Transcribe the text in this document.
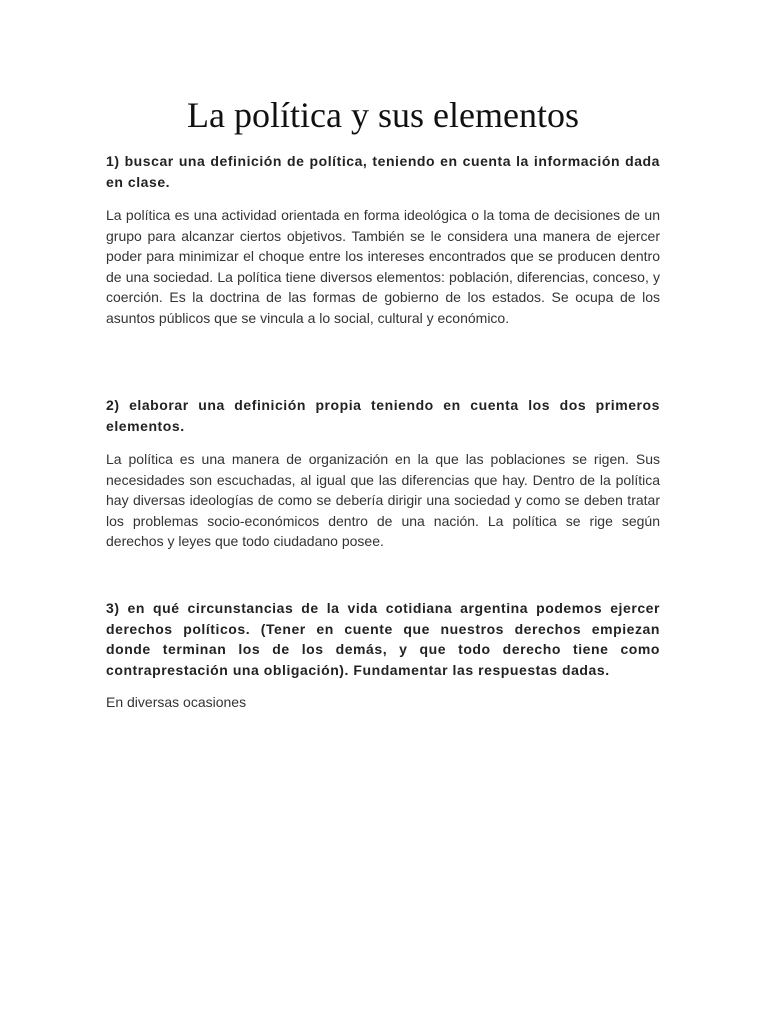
La política y sus elementos

1) buscar una definición de política, teniendo en cuenta la información dada en clase.

La política es una actividad orientada en forma ideológica o la toma de decisiones de un grupo para alcanzar ciertos objetivos. También se le considera una manera de ejercer poder para minimizar el choque entre los intereses encontrados que se producen dentro de una sociedad. La política tiene diversos elementos: población, diferencias, conceso, y coerción. Es la doctrina de las formas de gobierno de los estados. Se ocupa de los asuntos públicos que se vincula a lo social, cultural y económico.

2) elaborar una definición propia teniendo en cuenta los dos primeros elementos.

La política es una manera de organización en la que las poblaciones se rigen. Sus necesidades son escuchadas, al igual que las diferencias que hay. Dentro de la política hay diversas ideologías de como se debería dirigir una sociedad y como se deben tratar los problemas socio-económicos dentro de una nación. La política se rige según derechos y leyes que todo ciudadano posee.

3) en qué circunstancias de la vida cotidiana argentina podemos ejercer derechos políticos. (Tener en cuente que nuestros derechos empiezan donde terminan los de los demás, y que todo derecho tiene como contraprestación una obligación). Fundamentar las respuestas dadas.

En diversas ocasiones
